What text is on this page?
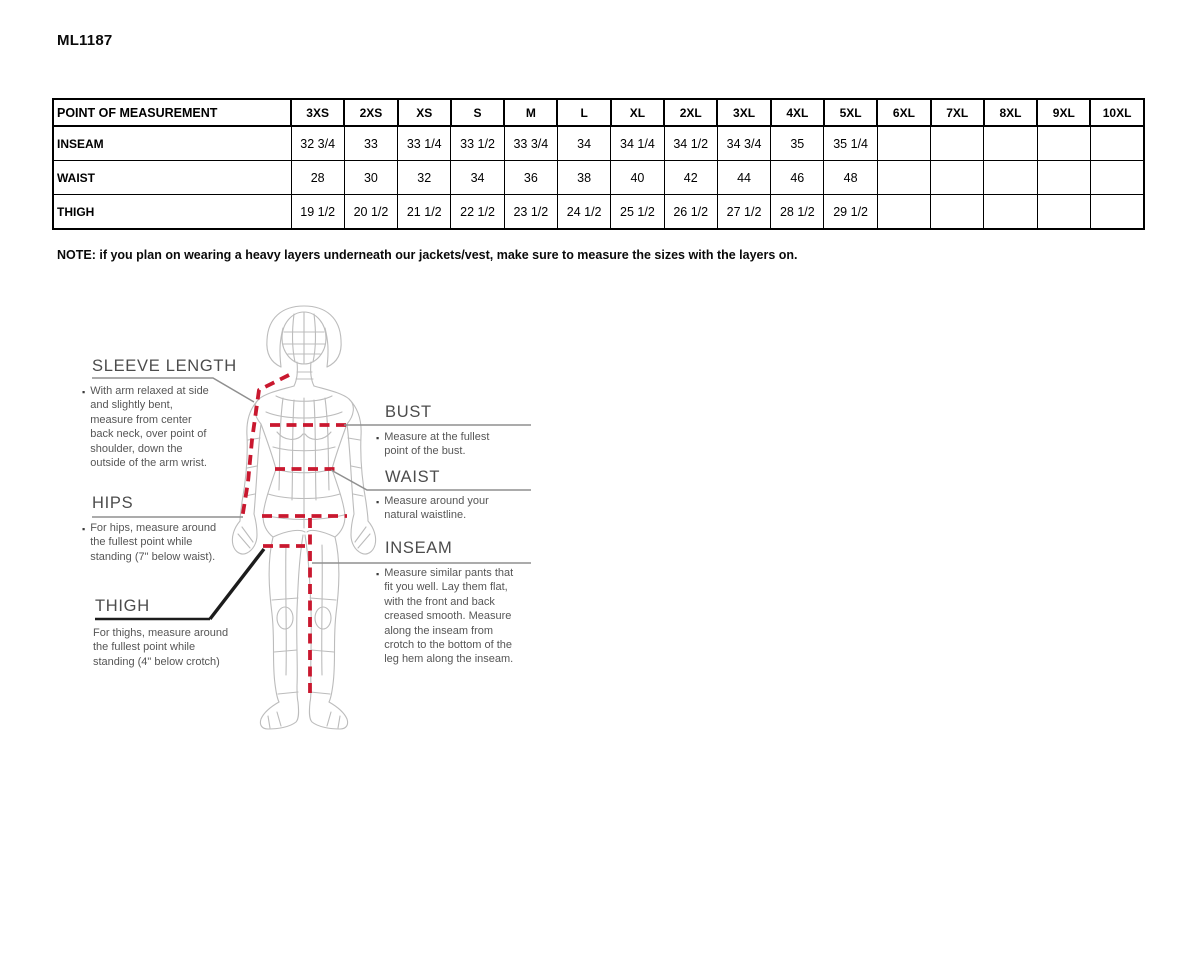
ML1187
POINT OF MEASUREMENT	3XS	2XS	XS	S	M	L	XL	2XL	3XL	4XL	5XL	6XL	7XL	8XL	9XL	10XL
INSEAM	32 3/4	33	33 1/4	33 1/2	33 3/4	34	34 1/4	34 1/2	34 3/4	35	35 1/4					
WAIST	28	30	32	34	36	38	40	42	44	46	48					
THIGH	19 1/2	20 1/2	21 1/2	22 1/2	23 1/2	24 1/2	25 1/2	26 1/2	27 1/2	28 1/2	29 1/2					
NOTE: if you plan on wearing a heavy layers underneath our jackets/vest, make sure to measure the sizes with the layers on.
SLEEVE LENGTH
▪ With arm relaxed at side and slightly bent, measure from center back neck, over point of shoulder, down the outside of the arm wrist.

HIPS
▪ For hips, measure around the fullest point while standing (7" below waist).

THIGH

For thighs, measure around the fullest point while standing (4" below crotch)

BUST
▪ Measure at the fullest point of the bust.

WAIST
▪ Measure around your natural waistline.

INSEAM
▪ Measure similar pants that fit you well. Lay them flat, with the front and back creased smooth. Measure along the inseam from crotch to the bottom of the leg hem along the inseam.
